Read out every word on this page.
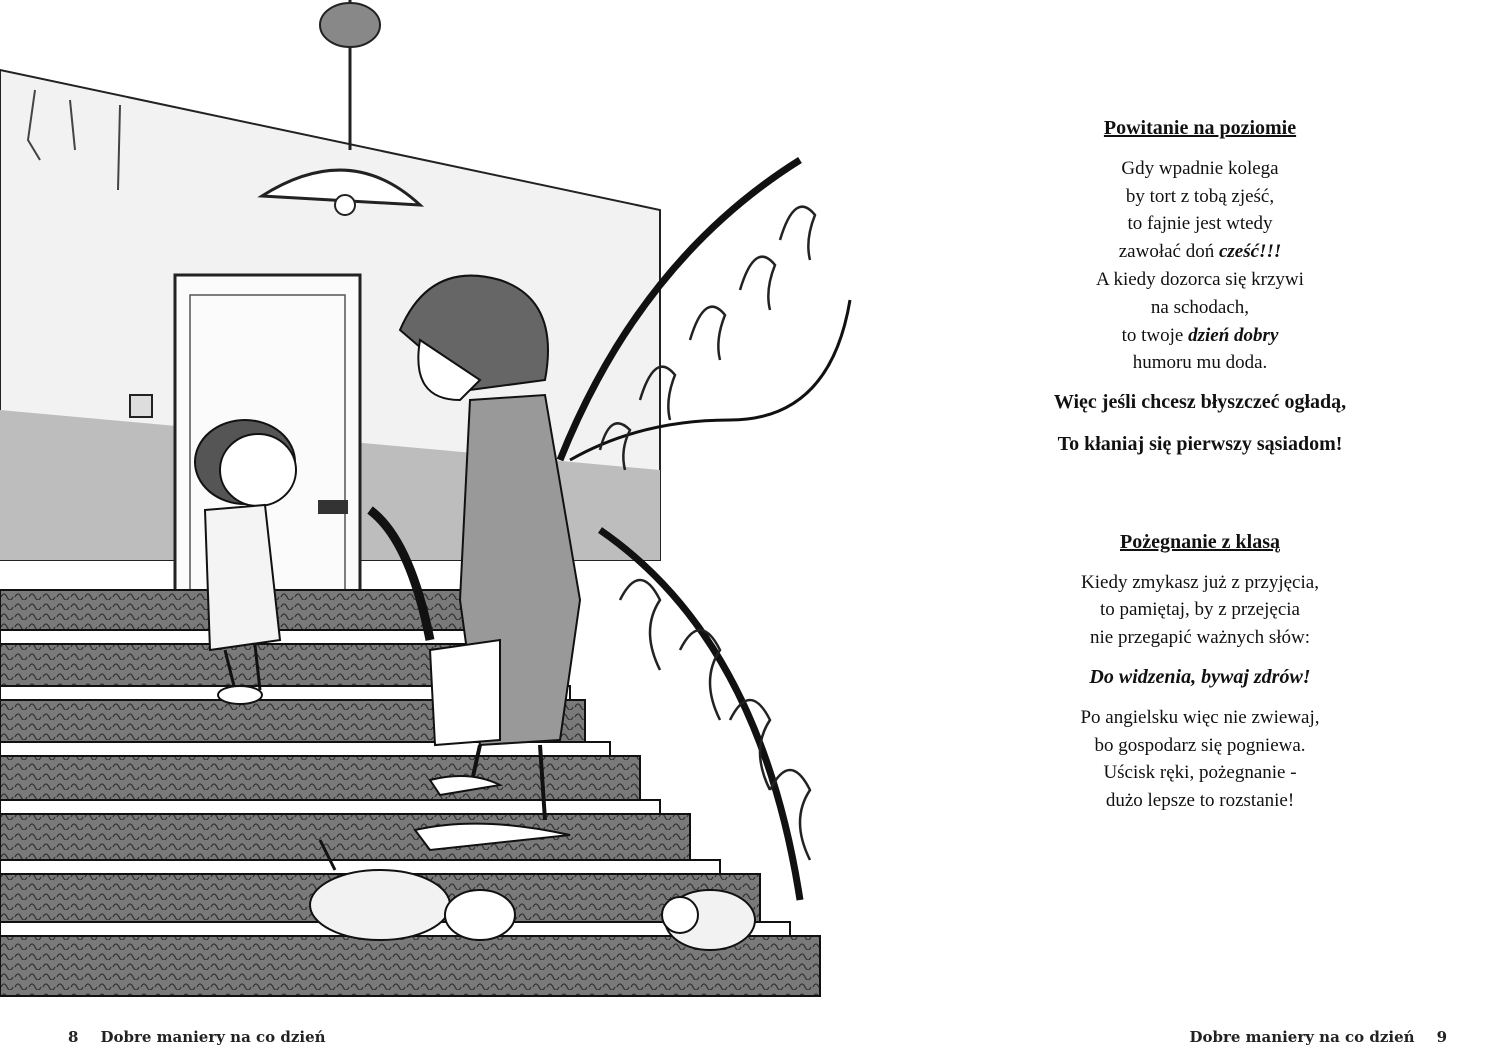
Powitanie na poziomie

Gdy wpadnie kolega

by tort z tobą zjeść,

to fajnie jest wtedy

zawołać doń cześć!!!

A kiedy dozorca się krzywi

na schodach,

to twoje dzień dobry

humoru mu doda.

Więc jeśli chcesz błyszczeć ogładą,

To kłaniaj się pierwszy sąsiadom!

Pożegnanie z klasą

Kiedy zmykasz już z przyjęcia,

to pamiętaj, by z przejęcia

nie przegapić ważnych słów:

Do widzenia, bywaj zdrów!

Po angielsku więc nie zwiewaj,

bo gospodarz się pogniewa.

Uścisk ręki, pożegnanie -

dużo lepsze to rozstanie!

8 Dobre maniery na co dzień	Dobre maniery na co dzień 9
